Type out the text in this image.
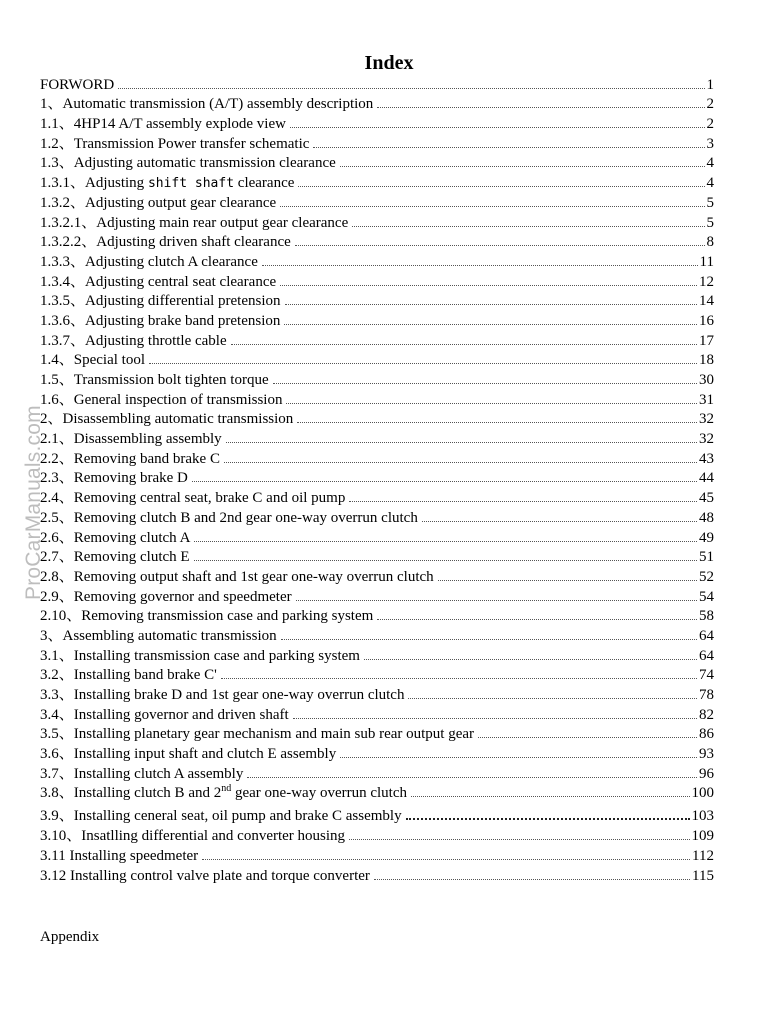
Index
FORWORD	1
1、Automatic transmission (A/T) assembly description	2
1.1、4HP14 A/T assembly explode view	2
1.2、Transmission Power transfer schematic	3
1.3、Adjusting automatic transmission clearance	4
1.3.1、Adjusting shift shaft clearance	4
1.3.2、Adjusting output gear clearance	5
1.3.2.1、Adjusting main rear output gear clearance	5
1.3.2.2、Adjusting driven shaft clearance	8
1.3.3、Adjusting clutch A clearance	11
1.3.4、Adjusting central seat clearance	12
1.3.5、Adjusting differential pretension	14
1.3.6、Adjusting brake band pretension	16
1.3.7、Adjusting throttle cable	17
1.4、Special tool	18
1.5、Transmission bolt tighten torque	30
1.6、General inspection of transmission	31
2、Disassembling automatic transmission	32
2.1、Disassembling assembly	32
2.2、Removing band brake C	43
2.3、Removing brake D	44
2.4、Removing central seat, brake C and oil pump	45
2.5、Removing clutch B and 2nd gear one-way overrun clutch	48
2.6、Removing clutch A	49
2.7、Removing clutch E	51
2.8、Removing output shaft and 1st gear one-way overrun clutch	52
2.9、Removing governor and speedmeter	54
2.10、Removing transmission case and parking system	58
3、Assembling automatic transmission	64
3.1、Installing transmission case and parking system	64
3.2、Installing band brake C'	74
3.3、Installing brake D and 1st gear one-way overrun clutch	78
3.4、Installing governor and driven shaft	82
3.5、Installing planetary gear mechanism and main sub rear output gear	86
3.6、Installing input shaft and clutch E assembly	93
3.7、Installing clutch A assembly	96
3.8、Installing clutch B and 2nd gear one-way overrun clutch	100
3.9、Installing ceneral seat, oil pump and brake C assembly	103
3.10、Insatlling differential and converter housing	109
3.11 Installing speedmeter	112
3.12 Installing control valve plate and torque converter	115
Appendix
ProCarManuals.com
